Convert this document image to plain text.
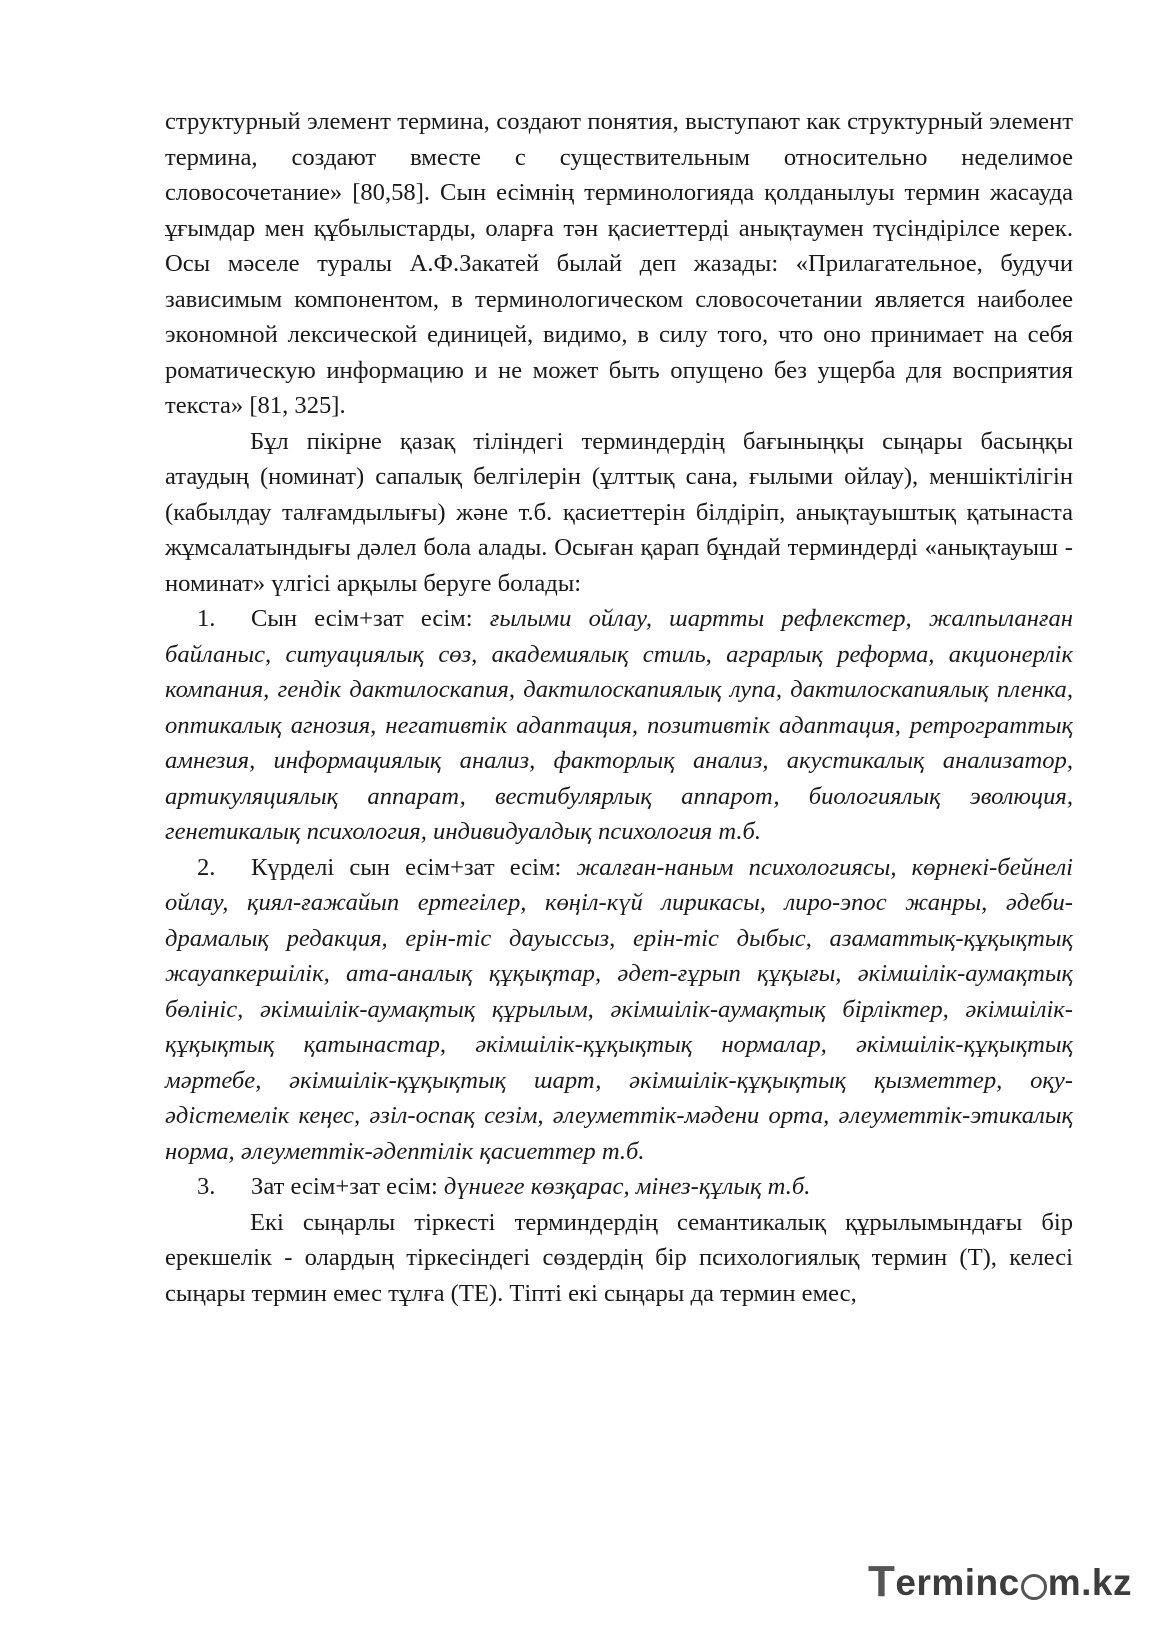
структурный элемент термина, создают понятия, выступают как структурный элемент термина, создают вместе с существительным относительно неделимое словосочетание» [80,58]. Сын есімнің терминологияда қолданылуы термин жасауда ұғымдар мен құбылыстарды, оларға тән қасиеттерді анықтаумен түсіндірілсе керек. Осы мәселе туралы А.Ф.Закатей былай деп жазады: «Прилагательное, будучи зависимым компонентом, в терминологическом словосочетании является наиболее экономной лексической единицей, видимо, в силу того, что оно принимает на себя роматическую информацию и не может быть опущено без ущерба для восприятия текста» [81, 325].

Бұл пікірне қазақ тіліндегі терминдердің бағыныңқы сыңары басыңқы атаудың (номинат) сапалық белгілерін (ұлттық сана, ғылыми ойлау), меншіктілігін (кабылдау талғамдылығы) және т.б. қасиеттерін білдіріп, анықтауыштық қатынаста жұмсалатындығы дәлел бола алады. Осыған қарап бұндай терминдерді «анықтауыш - номинат» үлгісі арқылы беруге болады:

1. Сын есім+зат есім: ғылыми ойлау, шартты рефлекстер, жалпыланған байланыс, ситуациялық сөз, академиялық стиль, аграрлық реформа, акционерлік компания, гендік дактилоскапия, дактилоскапиялық лупа, дактилоскапиялық пленка, оптикалық агнозия, негативтік адаптация, позитивтік адаптация, ретрограттық амнезия, информациялық анализ, факторлық анализ, акустикалық анализатор, артикуляциялық аппарат, вестибулярлық аппарот, биологиялық эволюция, генетикалық психология, индивидуалдық психология т.б.

2. Күрделі сын есім+зат есім: жалған-наным психологиясы, көрнекі-бейнелі ойлау, қиял-ғажайып ертегілер, көңіл-күй лирикасы, лиро-эпос жанры, әдеби-драмалық редакция, ерін-тіс дауыссыз, ерін-тіс дыбыс, азаматтық-құқықтық жауапкершілік, ата-аналық құқықтар, әдет-ғұрып құқығы, әкімшілік-аумақтық бөлініс, әкімшілік-аумақтық құрылым, әкімшілік-аумақтық бірліктер, әкімшілік-құқықтық қатынастар, әкімшілік-құқықтық нормалар, әкімшілік-құқықтық мәртебе, әкімшілік-құқықтық шарт, әкімшілік-құқықтық қызметтер, оқу-әдістемелік кеңес, әзіл-оспақ сезім, әлеуметтік-мәдени орта, әлеуметтік-этикалық норма, әлеуметтік-әдептілік қасиеттер т.б.

3. Зат есім+зат есім: дүниеге көзқарас, мінез-құлық т.б.

Екі сыңарлы тіркесті терминдердің семантикалық құрылымындағы бір ерекшелік - олардың тіркесіндегі сөздердің бір психологиялық термин (Т), келесі сыңары термин емес тұлға (ТЕ). Тіпті екі сыңары да термин емес,

T erminc m.kz
